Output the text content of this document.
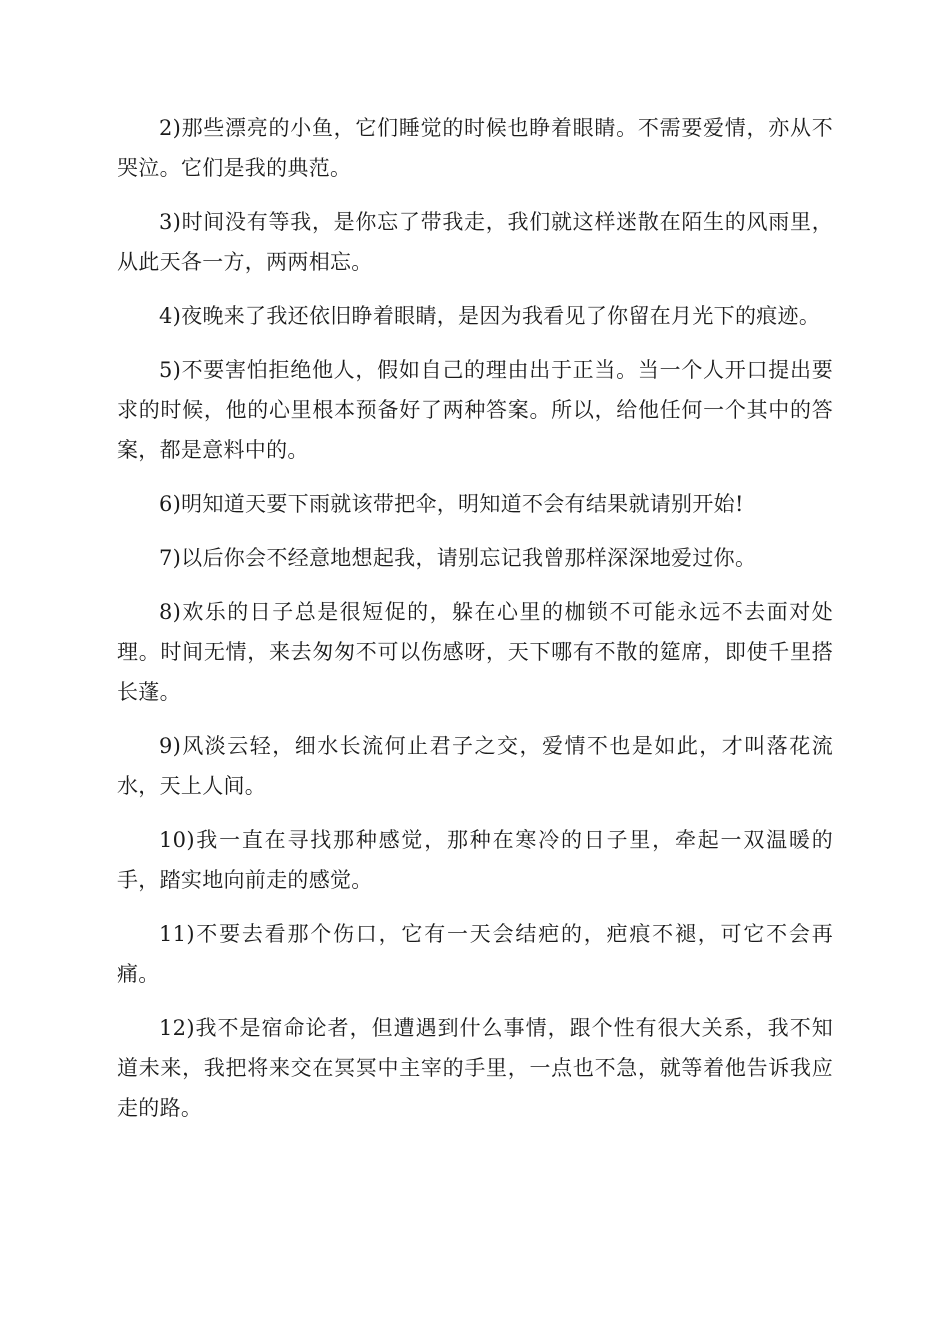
2)那些漂亮的小鱼，它们睡觉的时候也睁着眼睛。不需要爱情，亦从不哭泣。它们是我的典范。

3)时间没有等我，是你忘了带我走，我们就这样迷散在陌生的风雨里，从此天各一方，两两相忘。

4)夜晚来了我还依旧睁着眼睛，是因为我看见了你留在月光下的痕迹。

5)不要害怕拒绝他人，假如自己的理由出于正当。当一个人开口提出要求的时候，他的心里根本预备好了两种答案。所以，给他任何一个其中的答案，都是意料中的。

6)明知道天要下雨就该带把伞，明知道不会有结果就请别开始!

7)以后你会不经意地想起我，请别忘记我曾那样深深地爱过你。

8)欢乐的日子总是很短促的，躲在心里的枷锁不可能永远不去面对处理。时间无情，来去匆匆不可以伤感呀，天下哪有不散的筵席，即使千里搭长蓬。

9)风淡云轻，细水长流何止君子之交，爱情不也是如此，才叫落花流水，天上人间。

10)我一直在寻找那种感觉，那种在寒冷的日子里，牵起一双温暖的手，踏实地向前走的感觉。

11)不要去看那个伤口，它有一天会结疤的，疤痕不褪，可它不会再痛。

12)我不是宿命论者，但遭遇到什么事情，跟个性有很大关系，我不知道未来，我把将来交在冥冥中主宰的手里，一点也不急，就等着他告诉我应走的路。
